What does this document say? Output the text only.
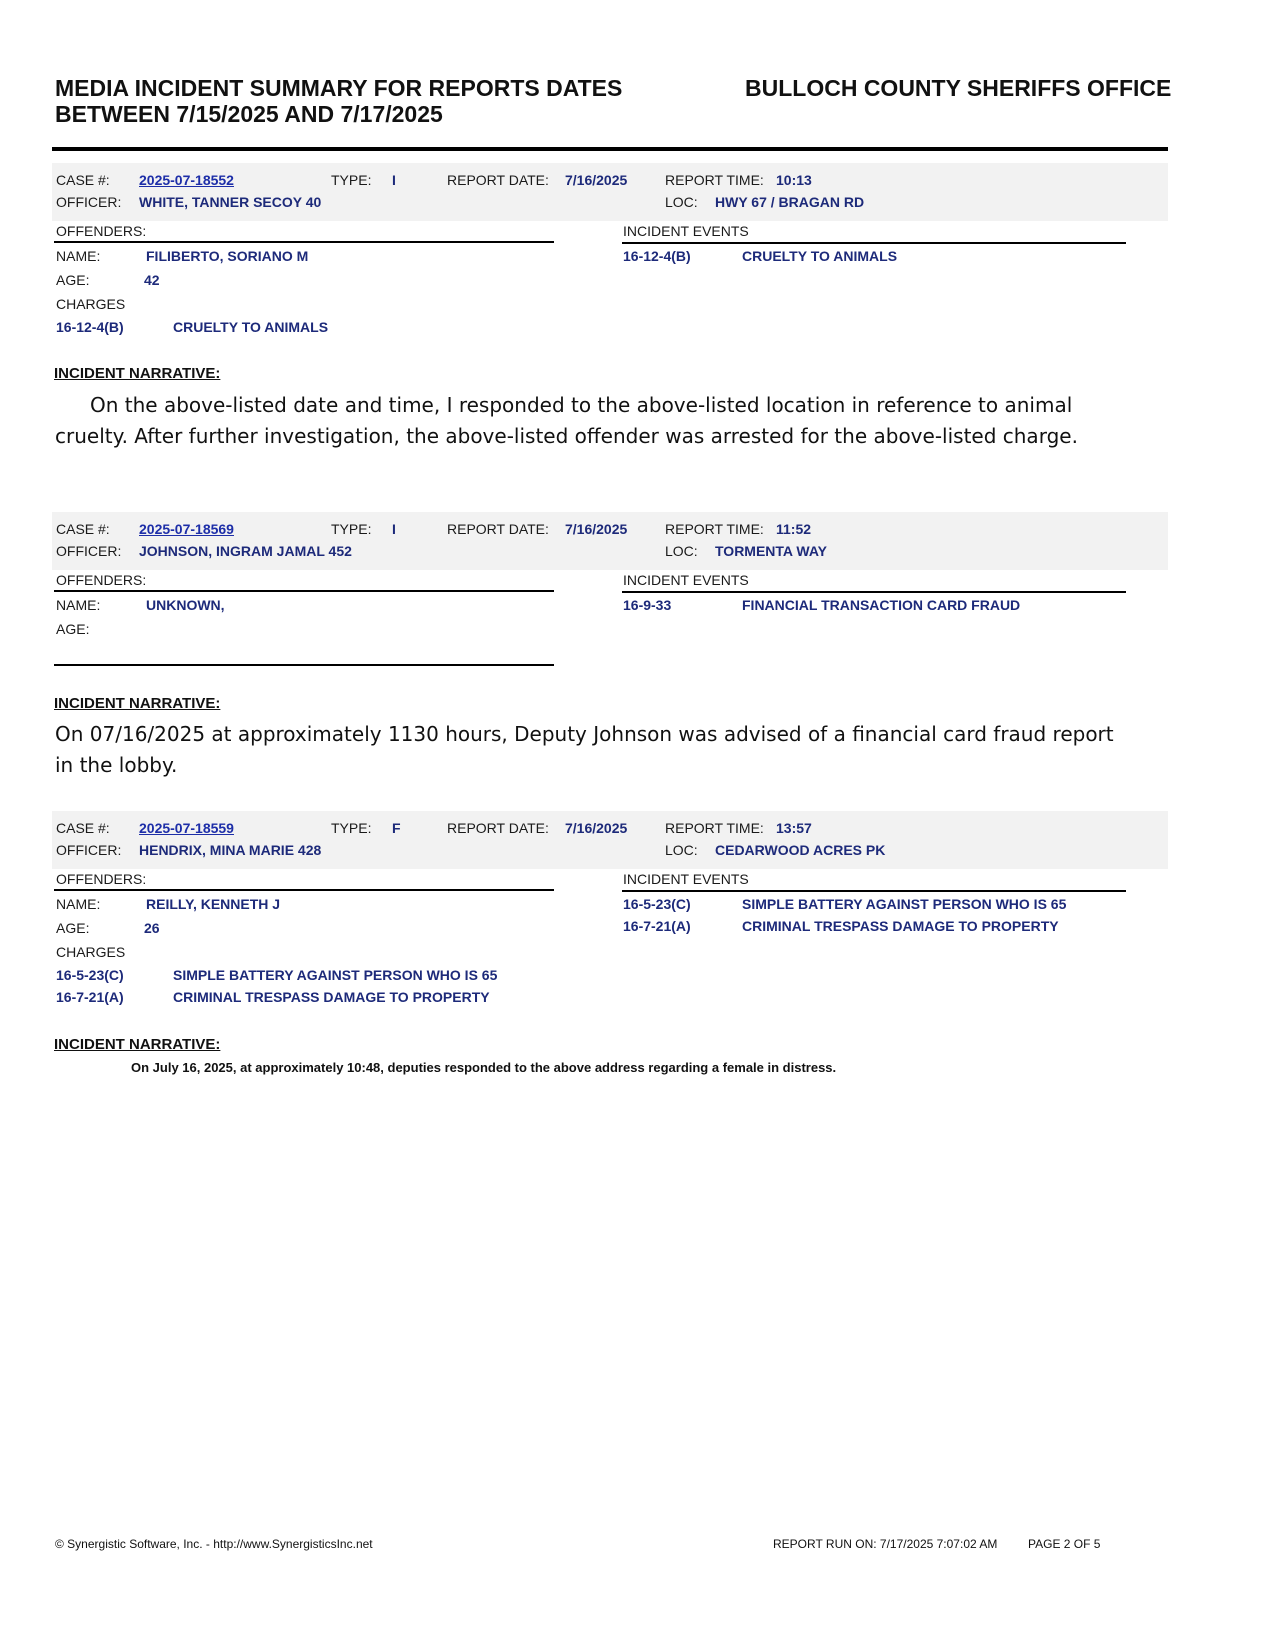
MEDIA INCIDENT SUMMARY FOR REPORTS DATES BETWEEN 7/15/2025 AND 7/17/2025
BULLOCH COUNTY SHERIFFS OFFICE
CASE #: 2025-07-18552	TYPE: I	REPORT DATE: 7/16/2025	REPORT TIME: 10:13
OFFICER: WHITE, TANNER SECOY 40	LOC: HWY 67 / BRAGAN RD
OFFENDERS:	INCIDENT EVENTS
NAME:	FILIBERTO, SORIANO M
AGE:	42
CHARGES
16-12-4(B)	CRUELTY TO ANIMALS
16-12-4(B)	CRUELTY TO ANIMALS
INCIDENT NARRATIVE:
On the above-listed date and time, I responded to the above-listed location in reference to animal cruelty. After further investigation, the above-listed offender was arrested for the above-listed charge.
CASE #: 2025-07-18569	TYPE: I	REPORT DATE: 7/16/2025	REPORT TIME: 11:52
OFFICER: JOHNSON, INGRAM JAMAL 452	LOC: TORMENTA WAY
OFFENDERS:	INCIDENT EVENTS
NAME:	UNKNOWN,
AGE:
16-9-33	FINANCIAL TRANSACTION CARD FRAUD
INCIDENT NARRATIVE:
On 07/16/2025 at approximately 1130 hours, Deputy Johnson was advised of a financial card fraud report in the lobby.
CASE #: 2025-07-18559	TYPE: F	REPORT DATE: 7/16/2025	REPORT TIME: 13:57
OFFICER: HENDRIX, MINA MARIE 428	LOC: CEDARWOOD ACRES PK
OFFENDERS:	INCIDENT EVENTS
NAME:	REILLY, KENNETH J
AGE:	26
CHARGES
16-5-23(C)	SIMPLE BATTERY AGAINST PERSON WHO IS 65
16-7-21(A)	CRIMINAL TRESPASS DAMAGE TO PROPERTY
16-5-23(C)	SIMPLE BATTERY AGAINST PERSON WHO IS 65
16-7-21(A)	CRIMINAL TRESPASS DAMAGE TO PROPERTY
INCIDENT NARRATIVE:
On July 16, 2025, at approximately 10:48, deputies responded to the above address regarding a female in distress.
© Synergistic Software, Inc. - http://www.SynergisticsInc.net	REPORT RUN ON: 7/17/2025 7:07:02 AM	PAGE 2 OF 5
